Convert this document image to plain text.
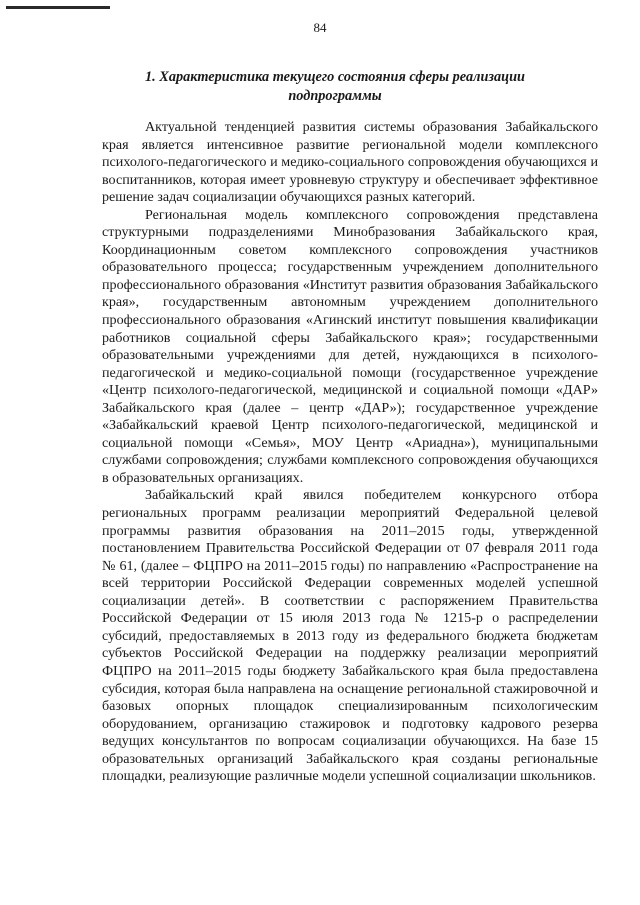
84
1. Характеристика текущего состояния сферы реализации подпрограммы

Актуальной тенденцией развития системы образования Забайкальского края является интенсивное развитие региональной модели комплексного психолого-педагогического и медико-социального сопровождения обучающихся и воспитанников, которая имеет уровневую структуру и обеспечивает эффективное решение задач социализации обучающихся разных категорий.

Региональная модель комплексного сопровождения представлена структурными подразделениями Минобразования Забайкальского края, Координационным советом комплексного сопровождения участников образовательного процесса; государственным учреждением дополнительного профессионального образования «Институт развития образования Забайкальского края», государственным автономным учреждением дополнительного профессионального образования «Агинский институт повышения квалификации работников социальной сферы Забайкальского края»; государственными образовательными учреждениями для детей, нуждающихся в психолого-педагогической и медико-социальной помощи (государственное учреждение «Центр психолого-педагогической, медицинской и социальной помощи «ДАР» Забайкальского края (далее – центр «ДАР»); государственное учреждение «Забайкальский краевой Центр психолого-педагогической, медицинской и социальной помощи «Семья», МОУ Центр «Ариадна»), муниципальными службами сопровождения; службами комплексного сопровождения обучающихся в образовательных организациях.

Забайкальский край явился победителем конкурсного отбора региональных программ реализации мероприятий Федеральной целевой программы развития образования на 2011–2015 годы, утвержденной постановлением Правительства Российской Федерации от 07 февраля 2011 года № 61, (далее – ФЦПРО на 2011–2015 годы) по направлению «Распространение на всей территории Российской Федерации современных моделей успешной социализации детей». В соответствии с распоряжением Правительства Российской Федерации от 15 июля 2013 года № 1215-р о распределении субсидий, предоставляемых в 2013 году из федерального бюджета бюджетам субъектов Российской Федерации на поддержку реализации мероприятий ФЦПРО на 2011–2015 годы бюджету Забайкальского края была предоставлена субсидия, которая была направлена на оснащение региональной стажировочной и базовых опорных площадок специализированным психологическим оборудованием, организацию стажировок и подготовку кадрового резерва ведущих консультантов по вопросам социализации обучающихся. На базе 15 образовательных организаций Забайкальского края созданы региональные площадки, реализующие различные модели успешной социализации школьников.
